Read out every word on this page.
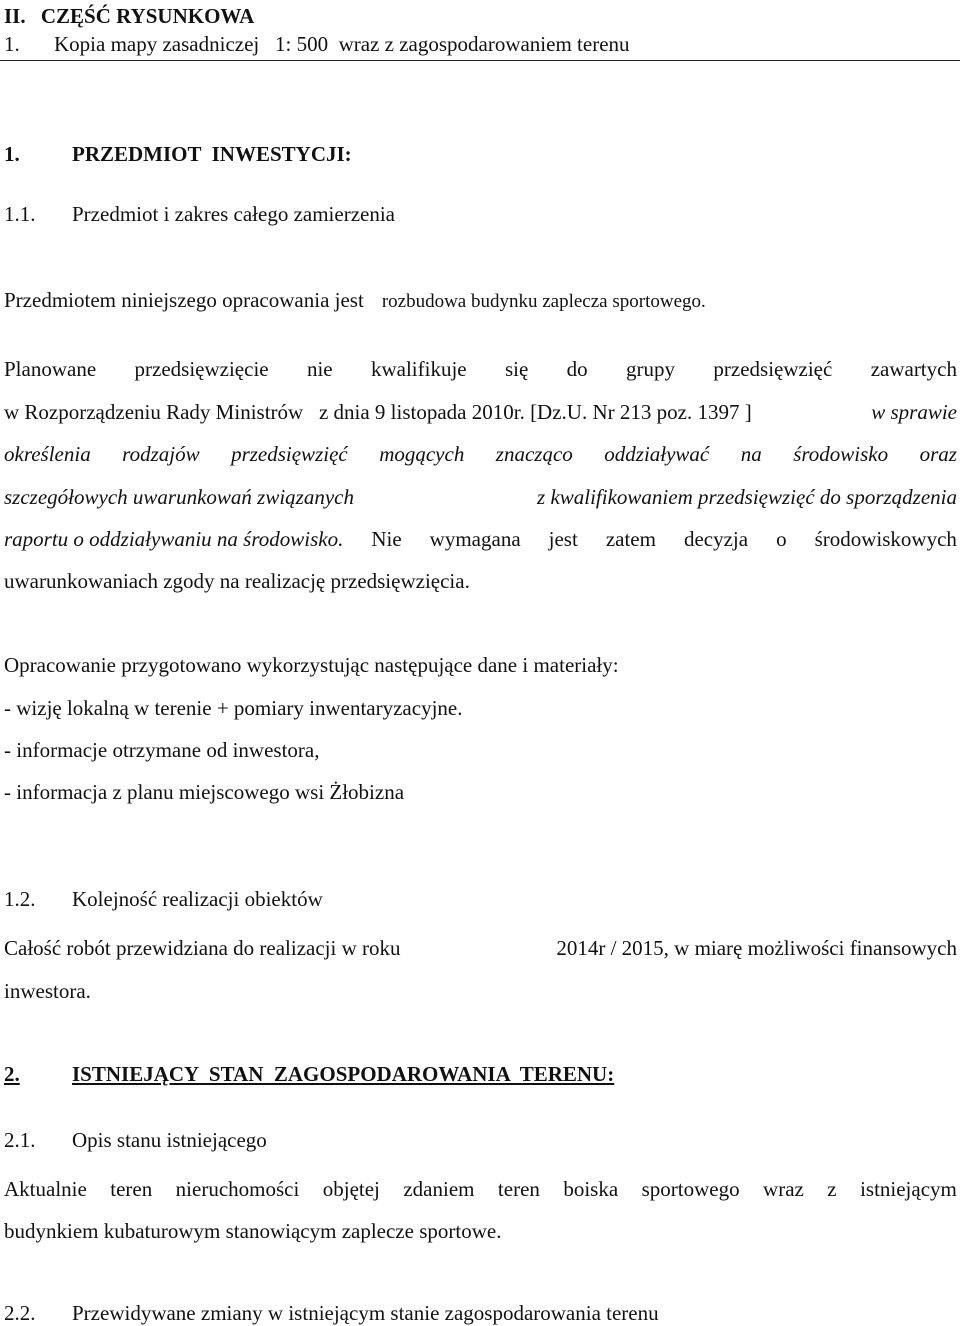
II. CZĘŚĆ RYSUNKOWA
1. Kopia mapy zasadniczej   1: 500  wraz z zagospodarowaniem terenu
1. PRZEDMIOT  INWESTYCJI:
1.1. Przedmiot i zakres całego zamierzenia
Przedmiotem niniejszego opracowania jest rozbudowa budynku zaplecza sportowego.
Planowane przedsięwzięcie nie kwalifikuje się do grupy przedsięwzięć zawartych
w Rozporządzeniu Rady Ministrów   z dnia 9 listopada 2010r. [Dz.U. Nr 213 poz. 1397 ]	w sprawie
określenia rodzajów przedsięwzięć mogących znacząco oddziaływać na środowisko oraz
szczegółowych uwarunkowań związanych	z kwalifikowaniem przedsięwzięć do sporządzenia
raportu o oddziaływaniu na środowisko. Nie wymagana jest zatem decyzja o środowiskowych
uwarunkowaniach zgody na realizację przedsięwzięcia.
Opracowanie przygotowano wykorzystując następujące dane i materiały:
- wizję lokalną w terenie + pomiary inwentaryzacyjne.
- informacje otrzymane od inwestora,
- informacja z planu miejscowego wsi Żłobizna
1.2. Kolejność realizacji obiektów
Całość robót przewidziana do realizacji w roku	2014r / 2015, w miarę możliwości finansowych
inwestora.
2. ISTNIEJĄCY  STAN  ZAGOSPODAROWANIA  TERENU:
2.1. Opis stanu istniejącego
Aktualnie teren nieruchomości objętej zdaniem teren boiska sportowego wraz z istniejącym
budynkiem kubaturowym stanowiącym zaplecze sportowe.
2.2. Przewidywane zmiany w istniejącym stanie zagospodarowania terenu
